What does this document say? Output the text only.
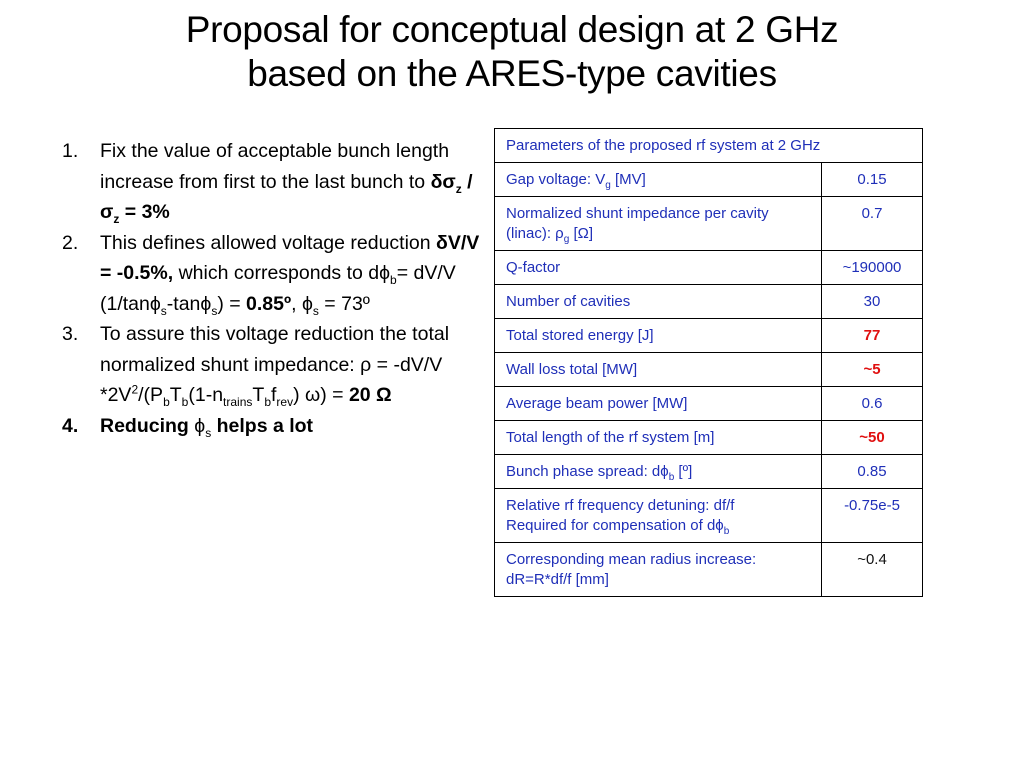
Proposal for conceptual design at 2 GHz
based on the ARES-type cavities
1. Fix the value of acceptable bunch length increase from first to the last bunch to $\delta\sigma_z$ $/\sigma_z = 3\%$
2. This defines allowed voltage reduction δV/V = -0.5%, which corresponds to $d\phi_b= dV/V$ (1/tanϕ$_s$-tanϕ$_s$) = 0.85º, $\phi_s$ = 73º
3. To assure this voltage reduction the total normalized shunt impedance: ρ = -dV/V $*2V^2/(P_bT_b(1-n_{trains}T_bf_{rev}) \omega) = 20$ Ω
4. Reducing $\phi_s$ helps a lot
Parameters of the proposed rf system at 2 GHz	
Gap voltage: $V_g$ [MV]	0.15
Normalized shunt impedance per cavity (linac): $\rho_g$ [Ω]	0.7
Q-factor	~190000
Number of cavities	30
Total stored energy [J]	77
Wall loss total [MW]	~5
Average beam power [MW]	0.6
Total length of the rf system [m]	~50
Bunch phase spread: $d\phi_b$ [º]	0.85
Relative rf frequency detuning: df/f
Required for compensation of $d\phi_b$	-0.75e-5
Corresponding mean radius increase: dR=R*df/f [mm]	~0.4
